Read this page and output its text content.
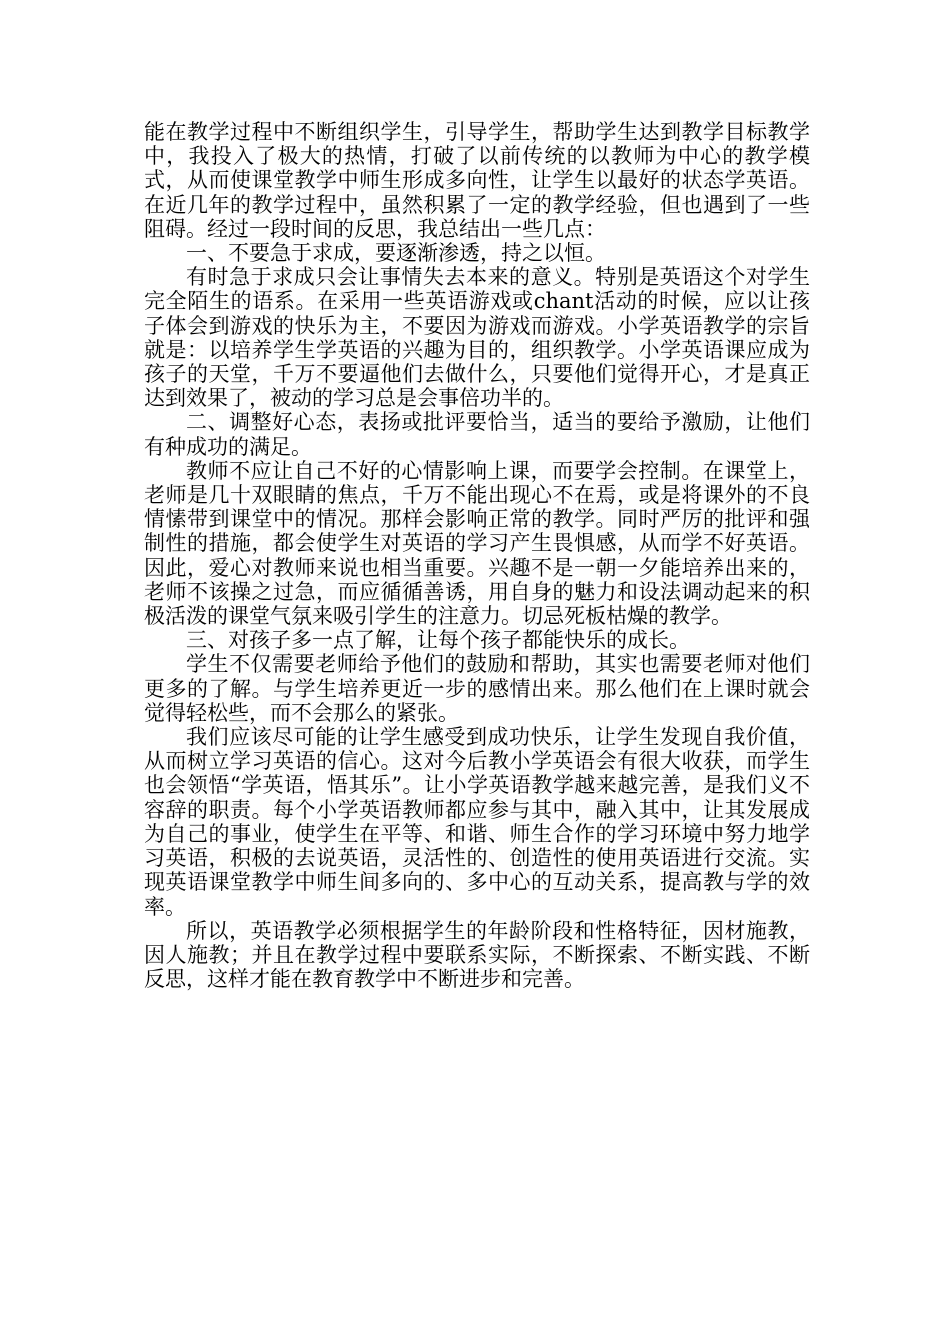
能在教学过程中不断组织学生，引导学生，帮助学生达到教学目标教学中，我投入了极大的热情，打破了以前传统的以教师为中心的教学模式，从而使课堂教学中师生形成多向性，让学生以最好的状态学英语。在近几年的教学过程中，虽然积累了一定的教学经验，但也遇到了一些阻碍。经过一段时间的反思，我总结出一些几点：

一、不要急于求成，要逐渐渗透，持之以恒。

有时急于求成只会让事情失去本来的意义。特别是英语这个对学生完全陌生的语系。在采用一些英语游戏或chant活动的时候，应以让孩子体会到游戏的快乐为主，不要因为游戏而游戏。小学英语教学的宗旨就是：以培养学生学英语的兴趣为目的，组织教学。小学英语课应成为孩子的天堂，千万不要逼他们去做什么，只要他们觉得开心，才是真正达到效果了，被动的学习总是会事倍功半的。

二、调整好心态，表扬或批评要恰当，适当的要给予激励，让他们有种成功的满足。

教师不应让自己不好的心情影响上课，而要学会控制。在课堂上，老师是几十双眼睛的焦点，千万不能出现心不在焉，或是将课外的不良情愫带到课堂中的情况。那样会影响正常的教学。同时严厉的批评和强制性的措施，都会使学生对英语的学习产生畏惧感，从而学不好英语。因此，爱心对教师来说也相当重要。兴趣不是一朝一夕能培养出来的，老师不该操之过急，而应循循善诱，用自身的魅力和设法调动起来的积极活泼的课堂气氛来吸引学生的注意力。切忌死板枯燥的教学。

三、对孩子多一点了解，让每个孩子都能快乐的成长。

学生不仅需要老师给予他们的鼓励和帮助，其实也需要老师对他们更多的了解。与学生培养更近一步的感情出来。那么他们在上课时就会觉得轻松些，而不会那么的紧张。

我们应该尽可能的让学生感受到成功快乐，让学生发现自我价值，从而树立学习英语的信心。这对今后教小学英语会有很大收获，而学生也会领悟“学英语，悟其乐”。让小学英语教学越来越完善，是我们义不容辞的职责。每个小学英语教师都应参与其中，融入其中，让其发展成为自己的事业，使学生在平等、和谐、师生合作的学习环境中努力地学习英语，积极的去说英语，灵活性的、创造性的使用英语进行交流。实现英语课堂教学中师生间多向的、多中心的互动关系，提高教与学的效率。

所以，英语教学必须根据学生的年龄阶段和性格特征，因材施教，因人施教；并且在教学过程中要联系实际，不断探索、不断实践、不断反思，这样才能在教育教学中不断进步和完善。
